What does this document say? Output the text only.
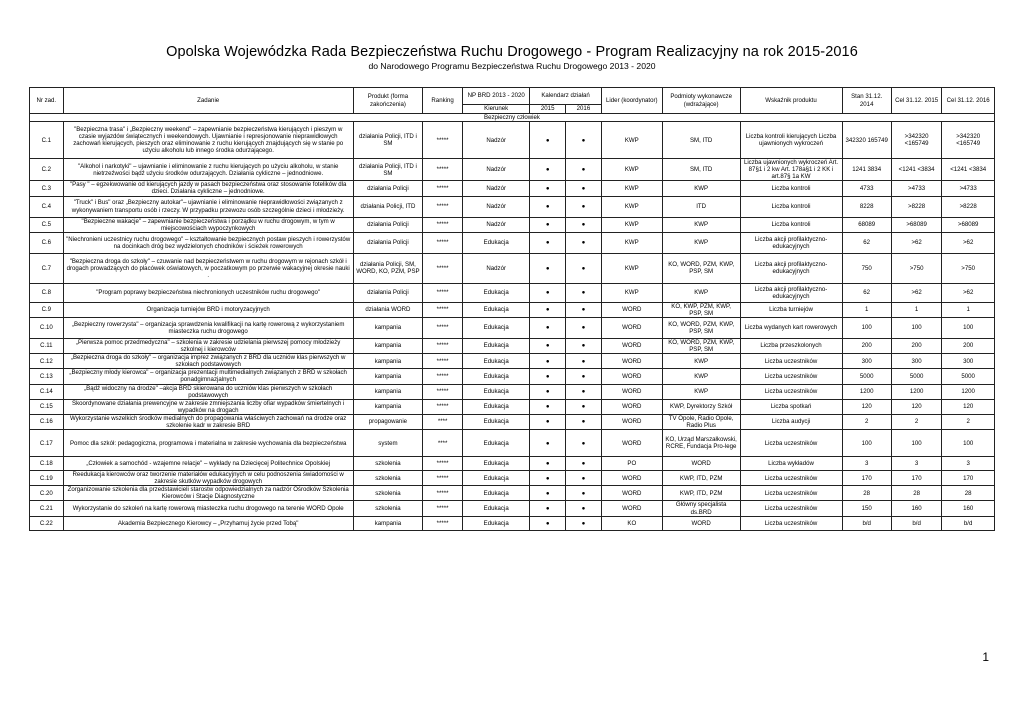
Opolska Wojewódzka Rada Bezpieczeństwa Ruchu Drogowego - Program Realizacyjny na rok 2015-2016
do Narodowego Programu Bezpieczeństwa Ruchu Drogowego 2013 - 2020
Nr zad.	Zadanie	Produkt (forma zakończenia)	Ranking	NP BRD 2013 - 2020	Kalendarz działań		Lider (koordynator)	Podmioty wykonawcze (wdrażające)	Wskaźnik produktu	Stan 31.12. 2014	Cel 31.12. 2015	Cel 31.12. 2016
				Kierunek	2015	2016						
Bezpieczny człowiek												
C.1	"Bezpieczna trasa" i „Bezpieczny weekend" – zapewnianie bezpieczeństwa kierujących i pieszym w czasie wyjazdów świątecznych i weekendowych. Ujawnianie i represjonowanie nieprawidłowych zachowań kierujących, pieszych oraz eliminowanie z ruchu kierujących znajdujących się w stanie po użyciu alkoholu lub innego środka odurzającego.	działania Policji, ITD i SM	*****	Nadzór	●	●	KWP	SM, ITD	Liczba kontroli kierujących Liczba ujawnionych wykroczeń	342320 165749	>342320 <165749	>342320 <165749
C.2	"Alkohol i narkotyki" – ujawnianie i eliminowanie z ruchu kierujących po użyciu alkoholu, w stanie nietrzeźwości bądź użyciu środków odurzających. Działania cykliczne – jednodniowe.	działania Policji, ITD i SM	*****	Nadzór	●	●	KWP	SM, ITD	Liczba ujawnionych wykroczeń Art. 87§1 i 2 kw Art. 178a§1 i 2 KK i art.87§ 1a KW	1241 3834	<1241 <3834	<1241 <3834
C.3	"Pasy " – egzekwowanie od kierujących jazdy w pasach bezpieczeństwa oraz stosowanie fotelików dla dzieci. Działania cykliczne – jednodniowe.	działania Policji	*****	Nadzór	●	●	KWP	KWP	Liczba kontroli	4733	>4733	>4733
C.4	"Truck" i Bus" oraz „Bezpieczny autokar"– ujawnianie i eliminowanie nieprawidłowości związanych z wykonywaniem transportu osób i rzeczy. W przypadku przewozu osób szczególnie dzieci i młodzieży.	działania Policji, ITD	*****	Nadzór	●	●	KWP	ITD	Liczba kontroli	8228	>8228	>8228
C.5	"Bezpieczne wakacje" – zapewnianie bezpieczeństwa i porządku w ruchu drogowym, w tym w miejscowościach wypoczynkowych	działania Policji	*****	Nadzór	●	●	KWP	KWP	Liczba kontroli	68089	>68089	>68089
C.6	"Niechronieni uczestnicy ruchu drogowego" – kształtowanie bezpiecznych postaw pieszych i rowerzystów na docinkach dróg bez wydzielonych chodników i ścieżek rowerowych	działania Policji	*****	Edukacja	●	●	KWP	KWP	Liczba akcji profilaktyczno-edukacyjnych	62	>62	>62
C.7	"Bezpieczna droga do szkoły" – czuwanie nad bezpieczeństwem w ruchu drogowym w rejonach szkół i drogach prowadzących do placówek oświatowych, w poczatkowym po przerwie wakacyjnej okresie nauki .	działania Policji, SM, WORD, KO, PZM, PSP	*****	Nadzór	●	●	KWP	KO, WORD, PZM, KWP, PSP, SM	Liczba akcji profilaktyczno-edukacyjnych	750	>750	>750
C.8	"Program poprawy bezpieczeństwa niechronionych uczestników ruchu drogowego"	działania Policji	*****	Edukacja	●	●	KWP	KWP	Liczba akcji profilaktyczno-edukacyjnych	62	>62	>62
C.9	Organizacja turniejów BRD i motoryzacyjnych	działania WORD	*****	Edukacja	●	●	WORD	KO, KWP, PZM, KWP, PSP, SM	Liczba turniejów	1	1	1
C.10	„Bezpieczny rowerzysta" – organizacja sprawdzenia kwalifikacji na kartę rowerową z wykorzystaniem miasteczka ruchu drogowego	kampania	*****	Edukacja	●	●	WORD	KO, WORD, PZM, KWP, PSP, SM	Liczba wydanych kart rowerowych	100	100	100
C.11	„Pierwsza pomoc przedmedyczna" – szkolenia w zakresie udzielania pierwszej pomocy młodzieży szkolnej i kierowców	kampania	*****	Edukacja	●	●	WORD	KO, WORD, PZM, KWP, PSP, SM	Liczba przeszkolonych	200	200	200
C.12	„Bezpieczna droga do szkoły" – organizacja imprez związanych z BRD dla uczniów klas pierwszych w szkołach podstawowych	kampania	*****	Edukacja	●	●	WORD	KWP	Liczba uczestników	300	300	300
C.13	„Bezpieczny młody kierowca" – organizacja prezentacji multimedialnych związanych z BRD w szkołach ponadgimnazjalnych	kampania	*****	Edukacja	●	●	WORD	KWP	Liczba uczestników	5000	5000	5000
C.14	„Bądź widoczny na drodze" –akcja BRD skierowana do uczniów klas pierwszych w szkołach podstawowych	kampania	*****	Edukacja	●	●	WORD	KWP	Liczba uczestników	1200	1200	1200
C.15	Skoordynowane działania prewencyjne w zakresie zmniejszania liczby ofiar wypadków śmiertelnych i wypadków na drogach	kampania	*****	Edukacja	●	●	WORD	KWP, Dyrektorzy Szkół	Liczba spotkań	120	120	120
C.16	Wykorzystanie wszelkich środków medialnych do propagowania właściwych zachowań na drodze oraz szkolenie kadr w zakresie BRD	propagowanie	****	Edukacja	●	●	WORD	TV Opole, Radio Opole, Radio Plus	Liczba audycji	2	2	2
C.17	Pomoc dla szkół: pedagogiczna, programowa i materialna w zakresie wychowania dla bezpieczeństwa	system	****	Edukacja	●	●	WORD	KO, Urząd Marszałkowski, RCRE, Fundacja Pro-lege	Liczba uczestników	100	100	100
C.18	„Człowiek a samochód - wzajemne relacje" – wykłady na Dziecięcej Politechnice Opolskiej	szkolenia	*****	Edukacja	●	●	PO	WORD	Liczba wykładów	3	3	3
C.19	Reedukacja kierowców oraz tworzenie materiałów edukacyjnych w celu podnoszenia świadomości w zakresie skutków wypadków drogowych	szkolenia	*****	Edukacja	●	●	WORD	KWP, ITD, PZM	Liczba uczestników	170	170	170
C.20	Zorganizowanie szkolenia dla przedstawicieli starostw odpowiedzialnych za nadzór Ośrodków Szkolenia Kierowców i Stacje Diagnostyczne	szkolenia	*****	Edukacja	●	●	WORD	KWP, ITD, PZM	Liczba uczestników	28	28	28
C.21	Wykorzystanie do szkoleń na kartę rowerową miasteczka ruchu drogowego na terenie WORD Opole	szkolenia	*****	Edukacja	●	●	WORD	Główny specjalista ds.BRD	Liczba uczestników	150	160	160
C.22	Akademia Bezpiecznego Kierowcy – „Przyhamuj życie przed Tobą"	kampania	*****	Edukacja	●	●	KO	WORD	Liczba uczestników	b/d	b/d	b/d
1
